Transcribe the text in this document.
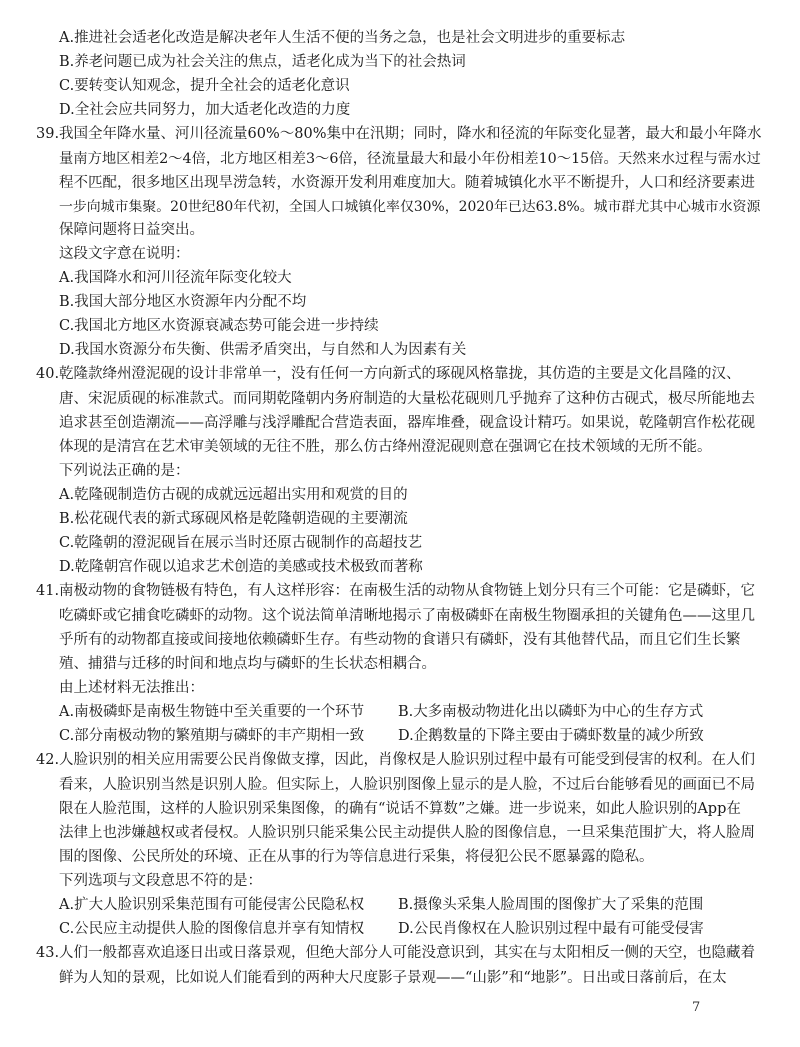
A.推进社会适老化改造是解决老年人生活不便的当务之急，也是社会文明进步的重要标志
B.养老问题已成为社会关注的焦点，适老化成为当下的社会热词
C.要转变认知观念，提升全社会的适老化意识
D.全社会应共同努力，加大适老化改造的力度
39.我国全年降水量、河川径流量60%～80%集中在汛期；同时，降水和径流的年际变化显著，最大和最小年降水
量南方地区相差2～4倍，北方地区相差3～6倍，径流量最大和最小年份相差10～15倍。天然来水过程与需水过
程不匹配，很多地区出现旱涝急转，水资源开发利用难度加大。随着城镇化水平不断提升，人口和经济要素进
一步向城市集聚。20世纪80年代初，全国人口城镇化率仅30%，2020年已达63.8%。城市群尤其中心城市水资源
保障问题将日益突出。
这段文字意在说明：
A.我国降水和河川径流年际变化较大
B.我国大部分地区水资源年内分配不均
C.我国北方地区水资源衰减态势可能会进一步持续
D.我国水资源分布失衡、供需矛盾突出，与自然和人为因素有关
40.乾隆款绛州澄泥砚的设计非常单一，没有任何一方向新式的琢砚风格靠拢，其仿造的主要是文化昌隆的汉、
唐、宋泥质砚的标准款式。而同期乾隆朝内务府制造的大量松花砚则几乎抛弃了这种仿古砚式，极尽所能地去
追求甚至创造潮流——高浮雕与浅浮雕配合营造表面，器库堆叠，砚盒设计精巧。如果说，乾隆朝宫作松花砚
体现的是清宫在艺术审美领域的无往不胜，那么仿古绛州澄泥砚则意在强调它在技术领域的无所不能。
下列说法正确的是：
A.乾隆砚制造仿古砚的成就远远超出实用和观赏的目的
B.松花砚代表的新式琢砚风格是乾隆朝造砚的主要潮流
C.乾隆朝的澄泥砚旨在展示当时还原古砚制作的高超技艺
D.乾隆朝宫作砚以追求艺术创造的美感或技术极致而著称
41.南极动物的食物链极有特色，有人这样形容：在南极生活的动物从食物链上划分只有三个可能：它是磷虾，它
吃磷虾或它捕食吃磷虾的动物。这个说法简单清晰地揭示了南极磷虾在南极生物圈承担的关键角色——这里几
乎所有的动物都直接或间接地依赖磷虾生存。有些动物的食谱只有磷虾，没有其他替代品，而且它们生长繁
殖、捕猎与迁移的时间和地点均与磷虾的生长状态相耦合。
由上述材料无法推出：
A.南极磷虾是南极生物链中至关重要的一个环节 B.大多南极动物进化出以磷虾为中心的生存方式
C.部分南极动物的繁殖期与磷虾的丰产期相一致 D.企鹅数量的下降主要由于磷虾数量的减少所致
42.人脸识别的相关应用需要公民肖像做支撑，因此，肖像权是人脸识别过程中最有可能受到侵害的权利。在人们
看来，人脸识别当然是识别人脸。但实际上，人脸识别图像上显示的是人脸，不过后台能够看见的画面已不局
限在人脸范围，这样的人脸识别采集图像，的确有“说话不算数”之嫌。进一步说来，如此人脸识别的App在
法律上也涉嫌越权或者侵权。人脸识别只能采集公民主动提供人脸的图像信息，一旦采集范围扩大，将人脸周
围的图像、公民所处的环境、正在从事的行为等信息进行采集，将侵犯公民不愿暴露的隐私。
下列选项与文段意思不符的是：
A.扩大人脸识别采集范围有可能侵害公民隐私权 B.摄像头采集人脸周围的图像扩大了采集的范围
C.公民应主动提供人脸的图像信息并享有知情权 D.公民肖像权在人脸识别过程中最有可能受侵害
43.人们一般都喜欢追逐日出或日落景观，但绝大部分人可能没意识到，其实在与太阳相反一侧的天空，也隐藏着
鲜为人知的景观，比如说人们能看到的两种大尺度影子景观——“山影”和“地影”。日出或日落前后，在太
7
